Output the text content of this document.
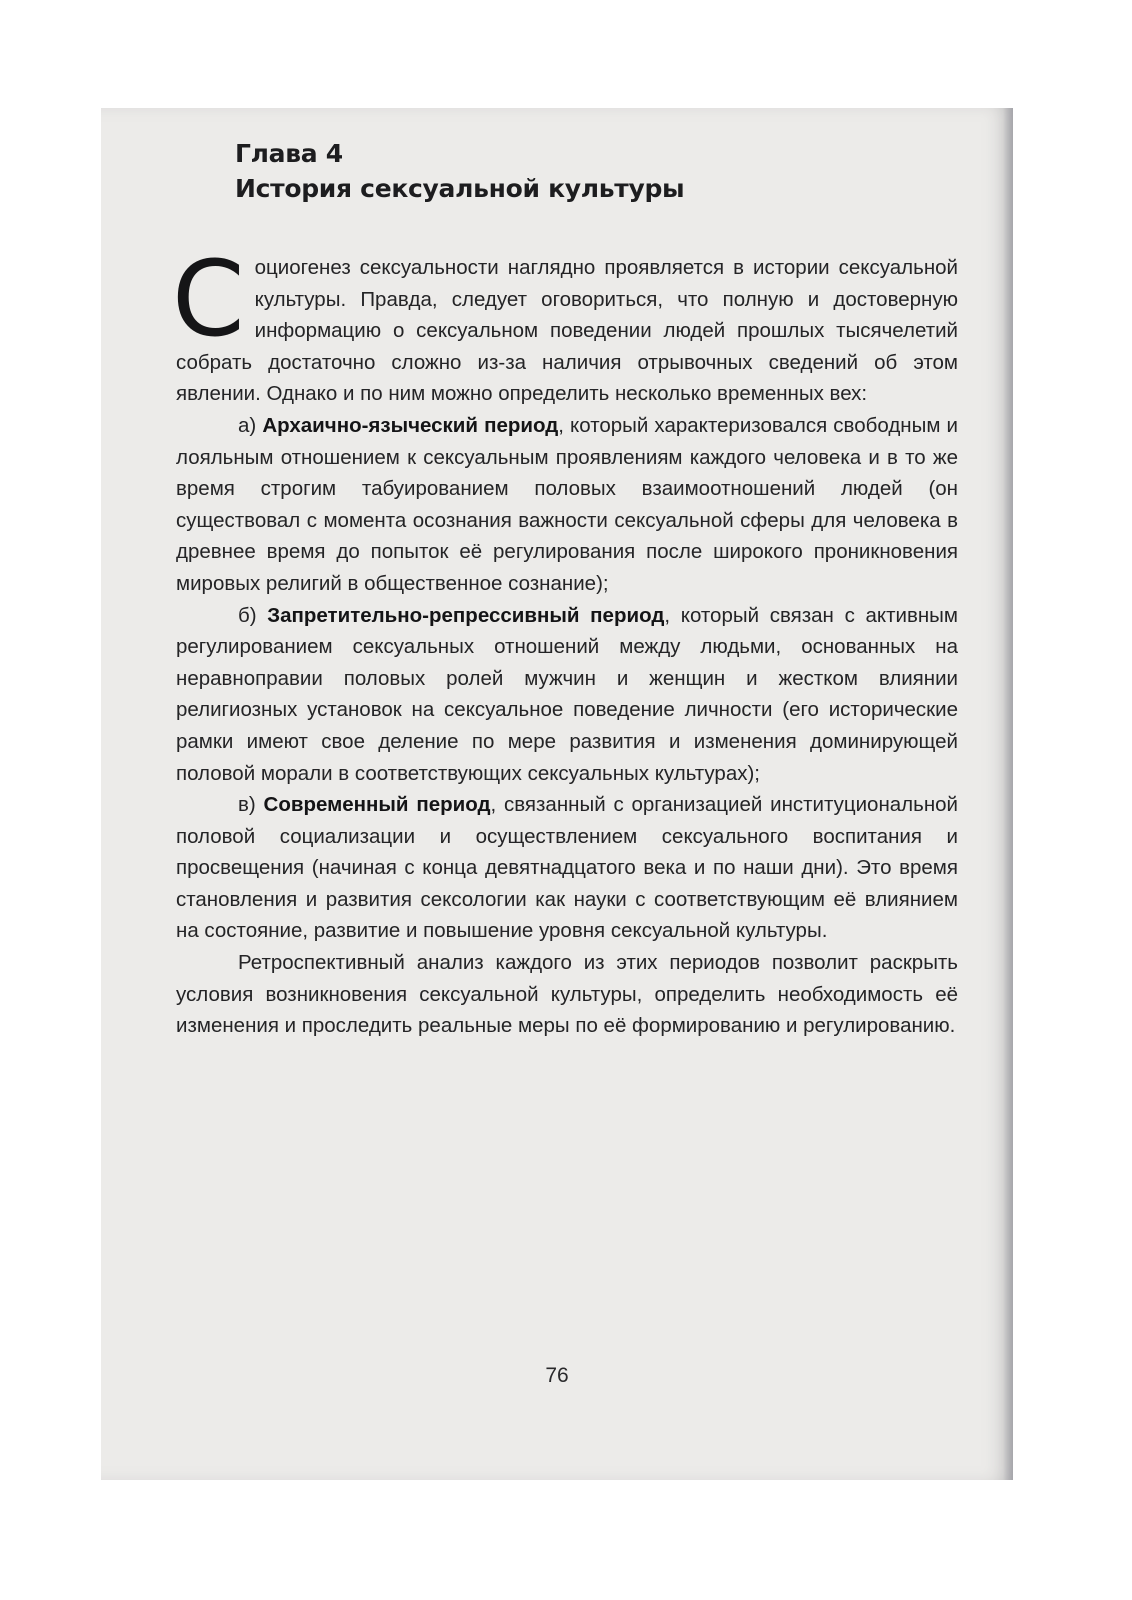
Глава 4
История сексуальной культуры

Социогенез сексуальности наглядно проявляется в истории сексуальной культуры. Правда, следует оговориться, что полную и достоверную информацию о сексуальном поведении людей прошлых тысячелетий собрать достаточно сложно из-за наличия отрывочных сведений об этом явлении. Однако и по ним можно определить несколько временных вех:

а) Архаично-языческий период, который характеризовался свободным и лояльным отношением к сексуальным проявлениям каждого человека и в то же время строгим табуированием половых взаимоотношений людей (он существовал с момента осознания важности сексуальной сферы для человека в древнее время до попыток её регулирования после широкого проникновения мировых религий в общественное сознание);

б) Запретительно-репрессивный период, который связан с активным регулированием сексуальных отношений между людьми, основанных на неравноправии половых ролей мужчин и женщин и жестком влиянии религиозных установок на сексуальное поведение личности (его исторические рамки имеют свое деление по мере развития и изменения доминирующей половой морали в соответствующих сексуальных культурах);

в) Современный период, связанный с организацией институциональной половой социализации и осуществлением сексуального воспитания и просвещения (начиная с конца девятнадцатого века и по наши дни). Это время становления и развития сексологии как науки с соответствующим её влиянием на состояние, развитие и повышение уровня сексуальной культуры.

Ретроспективный анализ каждого из этих периодов позволит раскрыть условия возникновения сексуальной культуры, определить необходимость её изменения и проследить реальные меры по её формированию и регулированию.

76
